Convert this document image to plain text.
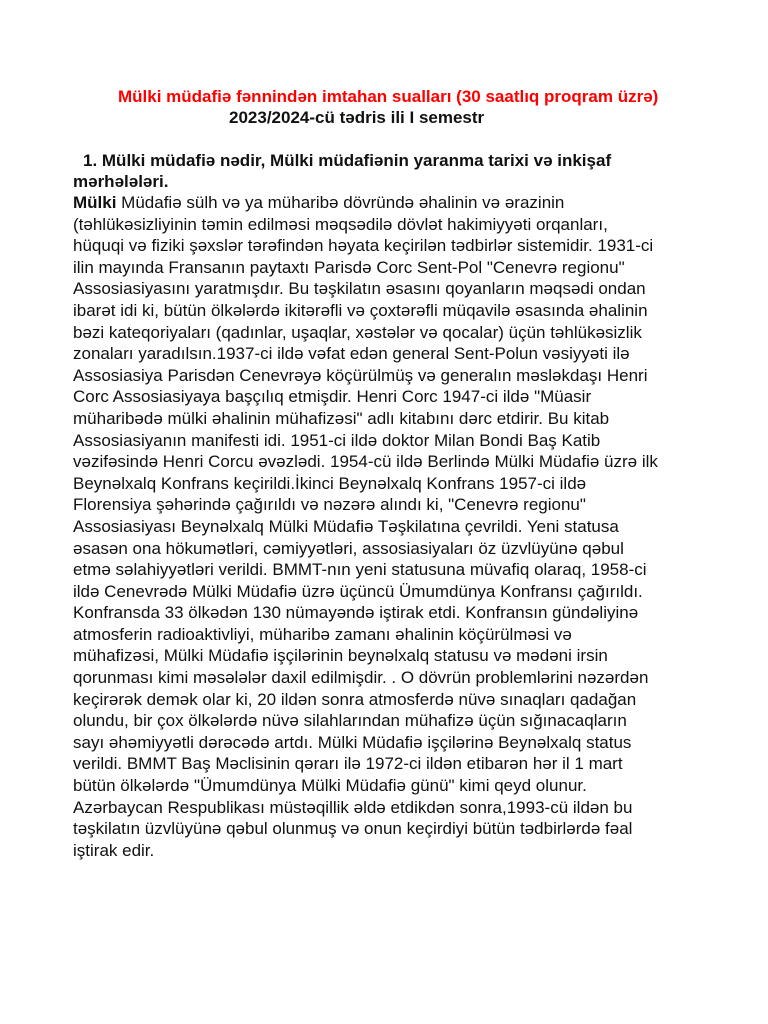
Mülki müdafiə fənnindən imtahan sualları (30 saatlıq proqram üzrə)
2023/2024-cü tədris ili I semestr
1. Mülki müdafiə nədir, Mülki müdafiənin yaranma tarixi və inkişaf
mərhələləri.
Mülki Müdafiə sülh və ya müharibə dövründə əhalinin və ərazinin
(təhlükəsizliyinin təmin edilməsi məqsədilə dövlət hakimiyyəti orqanları,
hüquqi və fiziki şəxslər tərəfindən həyata keçirilən tədbirlər sistemidir. 1931-ci
ilin mayında Fransanın paytaxtı Parisdə Corc Sent-Pol "Cenevrə regionu"
Assosiasiyasını yaratmışdır. Bu təşkilatın əsasını qoyanların məqsədi ondan
ibarət idi ki, bütün ölkələrdə ikitərəfli və çoxtərəfli müqavilə əsasında əhalinin
bəzi kateqoriyaları (qadınlar, uşaqlar, xəstələr və qocalar) üçün təhlükəsizlik
zonaları yaradılsın.1937-ci ildə vəfat edən general Sent-Polun vəsiyyəti ilə
Assosiasiya Parisdən Cenevrəyə köçürülmüş və generalın məsləkdaşı Henri
Corc Assosiasiyaya başçılıq etmişdir. Henri Corc 1947-ci ildə "Müasir
müharibədə mülki əhalinin mühafizəsi" adlı kitabını dərc etdirir. Bu kitab
Assosiasiyanın manifesti idi. 1951-ci ildə doktor Milan Bondi Baş Katib
vəzifəsində Henri Corcu əvəzlədi. 1954-cü ildə Berlində Mülki Müdafiə üzrə ilk
Beynəlxalq Konfrans keçirildi.İkinci Beynəlxalq Konfrans 1957-ci ildə
Florensiya şəhərində çağırıldı və nəzərə alındı ki, "Cenevrə regionu"
Assosiasiyası Beynəlxalq Mülki Müdafiə Təşkilatına çevrildi. Yeni statusa
əsasən ona hökumətləri, cəmiyyətləri, assosiasiyaları öz üzvlüyünə qəbul
etmə səlahiyyətləri verildi. BMMT-nın yeni statusuna müvafiq olaraq, 1958-ci
ildə Cenevrədə Mülki Müdafiə üzrə üçüncü Ümumdünya Konfransı çağırıldı.
Konfransda 33 ölkədən 130 nümayəndə iştirak etdi. Konfransın gündəliyinə
atmosferin radioaktivliyi, müharibə zamanı əhalinin köçürülməsi və
mühafizəsi, Mülki Müdafiə işçilərinin beynəlxalq statusu və mədəni irsin
qorunması kimi məsələlər daxil edilmişdir. . O dövrün problemlərini nəzərdən
keçirərək demək olar ki, 20 ildən sonra atmosferdə nüvə sınaqları qadağan
olundu, bir çox ölkələrdə nüvə silahlarından mühafizə üçün sığınacaqların
sayı əhəmiyyətli dərəcədə artdı. Mülki Müdafiə işçilərinə Beynəlxalq status
verildi. BMMT Baş Məclisinin qərarı ilə 1972-ci ildən etibarən hər il 1 mart
bütün ölkələrdə "Ümumdünya Mülki Müdafiə günü" kimi qeyd olunur.
Azərbaycan Respublikası müstəqillik əldə etdikdən sonra,1993-cü ildən bu
təşkilatın üzvlüyünə qəbul olunmuş və onun keçirdiyi bütün tədbirlərdə fəal
iştirak edir.
